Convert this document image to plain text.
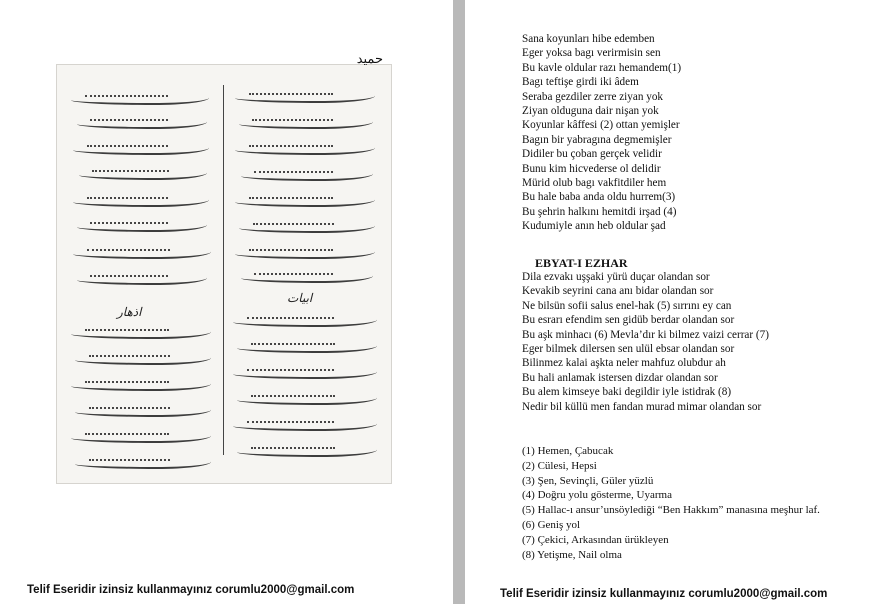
حمید
اذهار
ابیات
Telif Eseridir izinsiz kullanmayınız corumlu2000@gmail.com
Sana koyunları hibe edemben
Eger yoksa bagı verirmisin sen
Bu kavle oldular razı hemandem(1)
Bagı teftişe girdi iki âdem
Seraba gezdiler zerre ziyan yok
Ziyan olduguna dair nişan yok
Koyunlar kâffesi (2) ottan yemişler
Bagın bir yabragına degmemişler
Didiler bu çoban gerçek velidir
Bunu kim hicvederse ol delidir
Mürid olub bagı vakfitdiler hem
Bu hale baba anda oldu hurrem(3)
Bu şehrin halkını hemitdi irşad (4)
Kudumiyle anın heb oldular şad
EBYAT-I EZHAR
Dila ezvakı uşşaki yürü duçar olandan sor
Kevakib seyrini cana anı bidar olandan sor
Ne bilsün sofii salus enel-hak (5) sırrını ey can
Bu esrarı efendim sen gidüb berdar olandan sor
Bu aşk minhacı (6) Mevla’dır ki bilmez vaizi cerrar (7)
Eger bilmek dilersen sen ulül ebsar olandan sor
Bilinmez kalai aşkta neler mahfuz olubdur ah
Bu hali anlamak istersen dizdar olandan sor
Bu alem kimseye baki degildir iyle istidrak (8)
Nedir bil küllü men fandan murad mimar olandan sor
(1) Hemen, Çabucak
(2) Cülesi, Hepsi
(3) Şen, Sevinçli, Güler yüzlü
(4) Doğru yolu gösterme, Uyarma
(5) Hallac-ı ansur’unsöylediği “Ben Hakkım” manasına meşhur laf.
(6) Geniş yol
(7) Çekici, Arkasından ürükleyen
(8) Yetişme, Nail olma
Telif Eseridir izinsiz kullanmayınız corumlu2000@gmail.com
